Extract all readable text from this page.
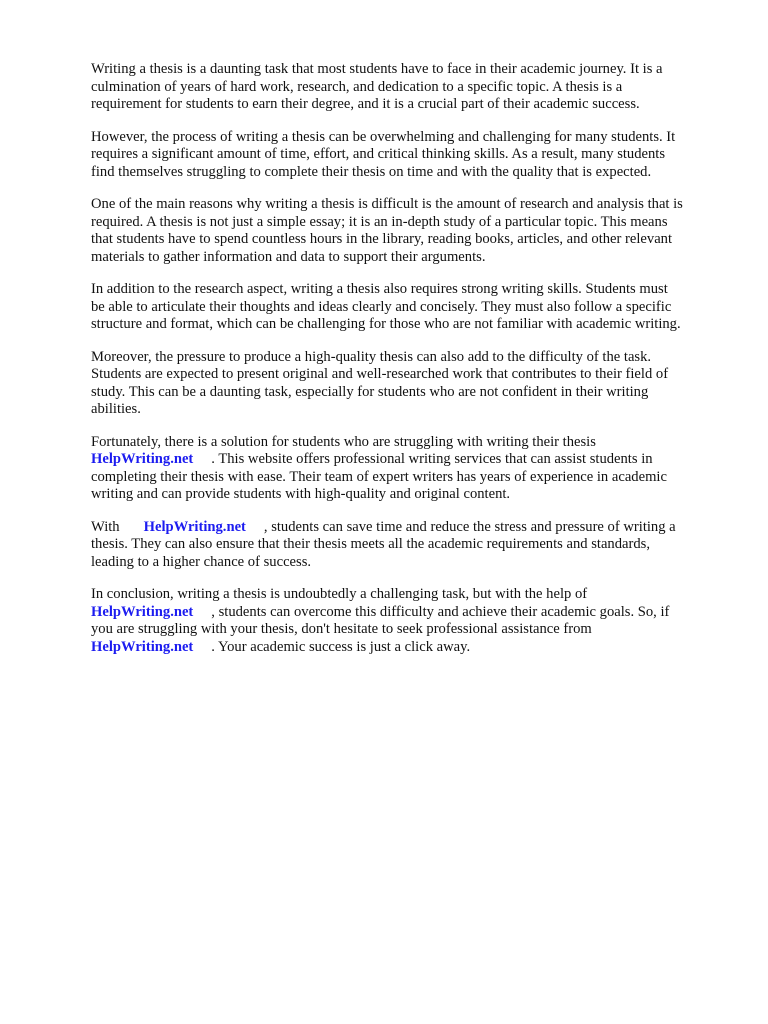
Writing a thesis is a daunting task that most students have to face in their academic journey. It is a
culmination of years of hard work, research, and dedication to a specific topic. A thesis is a
requirement for students to earn their degree, and it is a crucial part of their academic success.

However, the process of writing a thesis can be overwhelming and challenging for many students. It
requires a significant amount of time, effort, and critical thinking skills. As a result, many students
find themselves struggling to complete their thesis on time and with the quality that is expected.

One of the main reasons why writing a thesis is difficult is the amount of research and analysis that is
required. A thesis is not just a simple essay; it is an in-depth study of a particular topic. This means
that students have to spend countless hours in the library, reading books, articles, and other relevant
materials to gather information and data to support their arguments.

In addition to the research aspect, writing a thesis also requires strong writing skills. Students must
be able to articulate their thoughts and ideas clearly and concisely. They must also follow a specific
structure and format, which can be challenging for those who are not familiar with academic writing.

Moreover, the pressure to produce a high-quality thesis can also add to the difficulty of the task.
Students are expected to present original and well-researched work that contributes to their field of
study. This can be a daunting task, especially for students who are not confident in their writing
abilities.

Fortunately, there is a solution for students who are struggling with writing their thesis
HelpWriting.net . This website offers professional writing services that can assist students in
completing their thesis with ease. Their team of expert writers has years of experience in academic
writing and can provide students with high-quality and original content.

With HelpWriting.net , students can save time and reduce the stress and pressure of writing a
thesis. They can also ensure that their thesis meets all the academic requirements and standards,
leading to a higher chance of success.

In conclusion, writing a thesis is undoubtedly a challenging task, but with the help of
HelpWriting.net , students can overcome this difficulty and achieve their academic goals. So, if
you are struggling with your thesis, don't hesitate to seek professional assistance from
HelpWriting.net . Your academic success is just a click away.
